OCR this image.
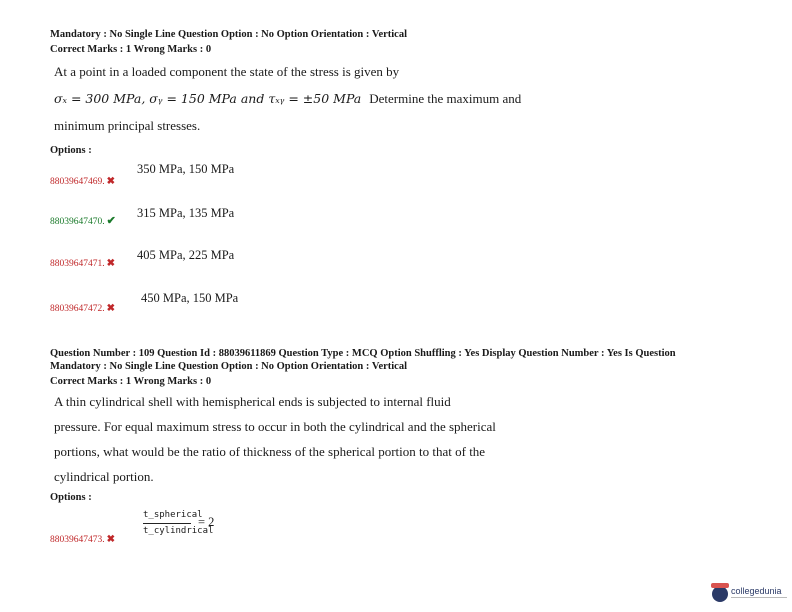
Mandatory : No Single Line Question Option : No Option Orientation : Vertical
Correct Marks : 1 Wrong Marks : 0
At a point in a loaded component the state of the stress is given by
σₓ = 300 MPa, σᵧ = 150 MPa and τₓᵧ = ±50 MPa Determine the maximum and
minimum principal stresses.
Options :
88039647469. ✖
350 MPa, 150 MPa
88039647470. ✔
315 MPa, 135 MPa
88039647471. ✖
405 MPa, 225 MPa
88039647472. ✖
450 MPa, 150 MPa
Question Number : 109 Question Id : 88039611869 Question Type : MCQ Option Shuffling : Yes Display Question Number : Yes Is Question
Mandatory : No Single Line Question Option : No Option Orientation : Vertical
Correct Marks : 1 Wrong Marks : 0
A thin cylindrical shell with hemispherical ends is subjected to internal fluid
pressure. For equal maximum stress to occur in both the cylindrical and the spherical
portions, what would be the ratio of thickness of the spherical portion to that of the
cylindrical portion.
Options :
88039647473. ✖
t_spherical
t_cylindrical
= 2
collegedunia
